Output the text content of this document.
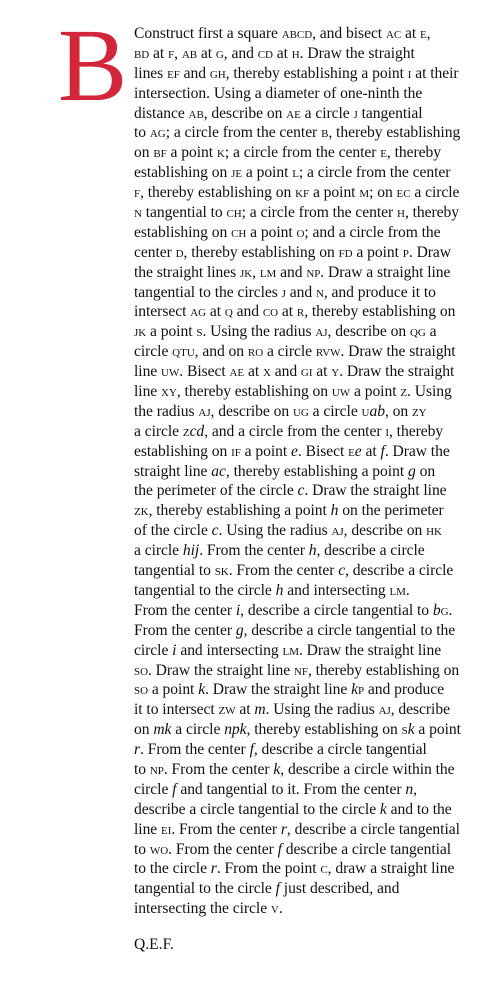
B Construct first a square abcd, and bisect ac at e,
bd at f, ab at g, and cd at h. Draw the straight
lines ef and gh, thereby establishing a point i at their
intersection. Using a diameter of one-ninth the
distance ab, describe on ae a circle j tangential
to ag; a circle from the center b, thereby establishing
on bf a point k; a circle from the center e, thereby
establishing on je a point l; a circle from the center
f, thereby establishing on kf a point m; on ec a circle
n tangential to ch; a circle from the center h, thereby
establishing on ch a point o; and a circle from the
center d, thereby establishing on fd a point p. Draw
the straight lines jk, lm and np. Draw a straight line
tangential to the circles j and n, and produce it to
intersect ag at q and co at r, thereby establishing on
jk a point s. Using the radius aj, describe on qg a
circle qtu, and on ro a circle rvw. Draw the straight
line uw. Bisect ae at x and gi at y. Draw the straight
line xy, thereby establishing on uw a point z. Using
the radius aj, describe on ug a circle uab, on zy
a circle zcd, and a circle from the center i, thereby
establishing on if a point e. Bisect ee at f. Draw the
straight line ac, thereby establishing a point g on
the perimeter of the circle c. Draw the straight line
zk, thereby establishing a point h on the perimeter
of the circle c. Using the radius aj, describe on hk
a circle hij. From the center h, describe a circle
tangential to sk. From the center c, describe a circle
tangential to the circle h and intersecting lm.
From the center i, describe a circle tangential to bg.
From the center g, describe a circle tangential to the
circle i and intersecting lm. Draw the straight line
so. Draw the straight line nf, thereby establishing on
so a point k. Draw the straight line kp and produce
it to intersect zw at m. Using the radius aj, describe
on mk a circle npk, thereby establishing on sk a point
r. From the center f, describe a circle tangential
to np. From the center k, describe a circle within the
circle f and tangential to it. From the center n,
describe a circle tangential to the circle k and to the
line ei. From the center r, describe a circle tangential
to wo. From the center f describe a circle tangential
to the circle r. From the point c, draw a straight line
tangential to the circle f just described, and
intersecting the circle v.
Q.E.F.
